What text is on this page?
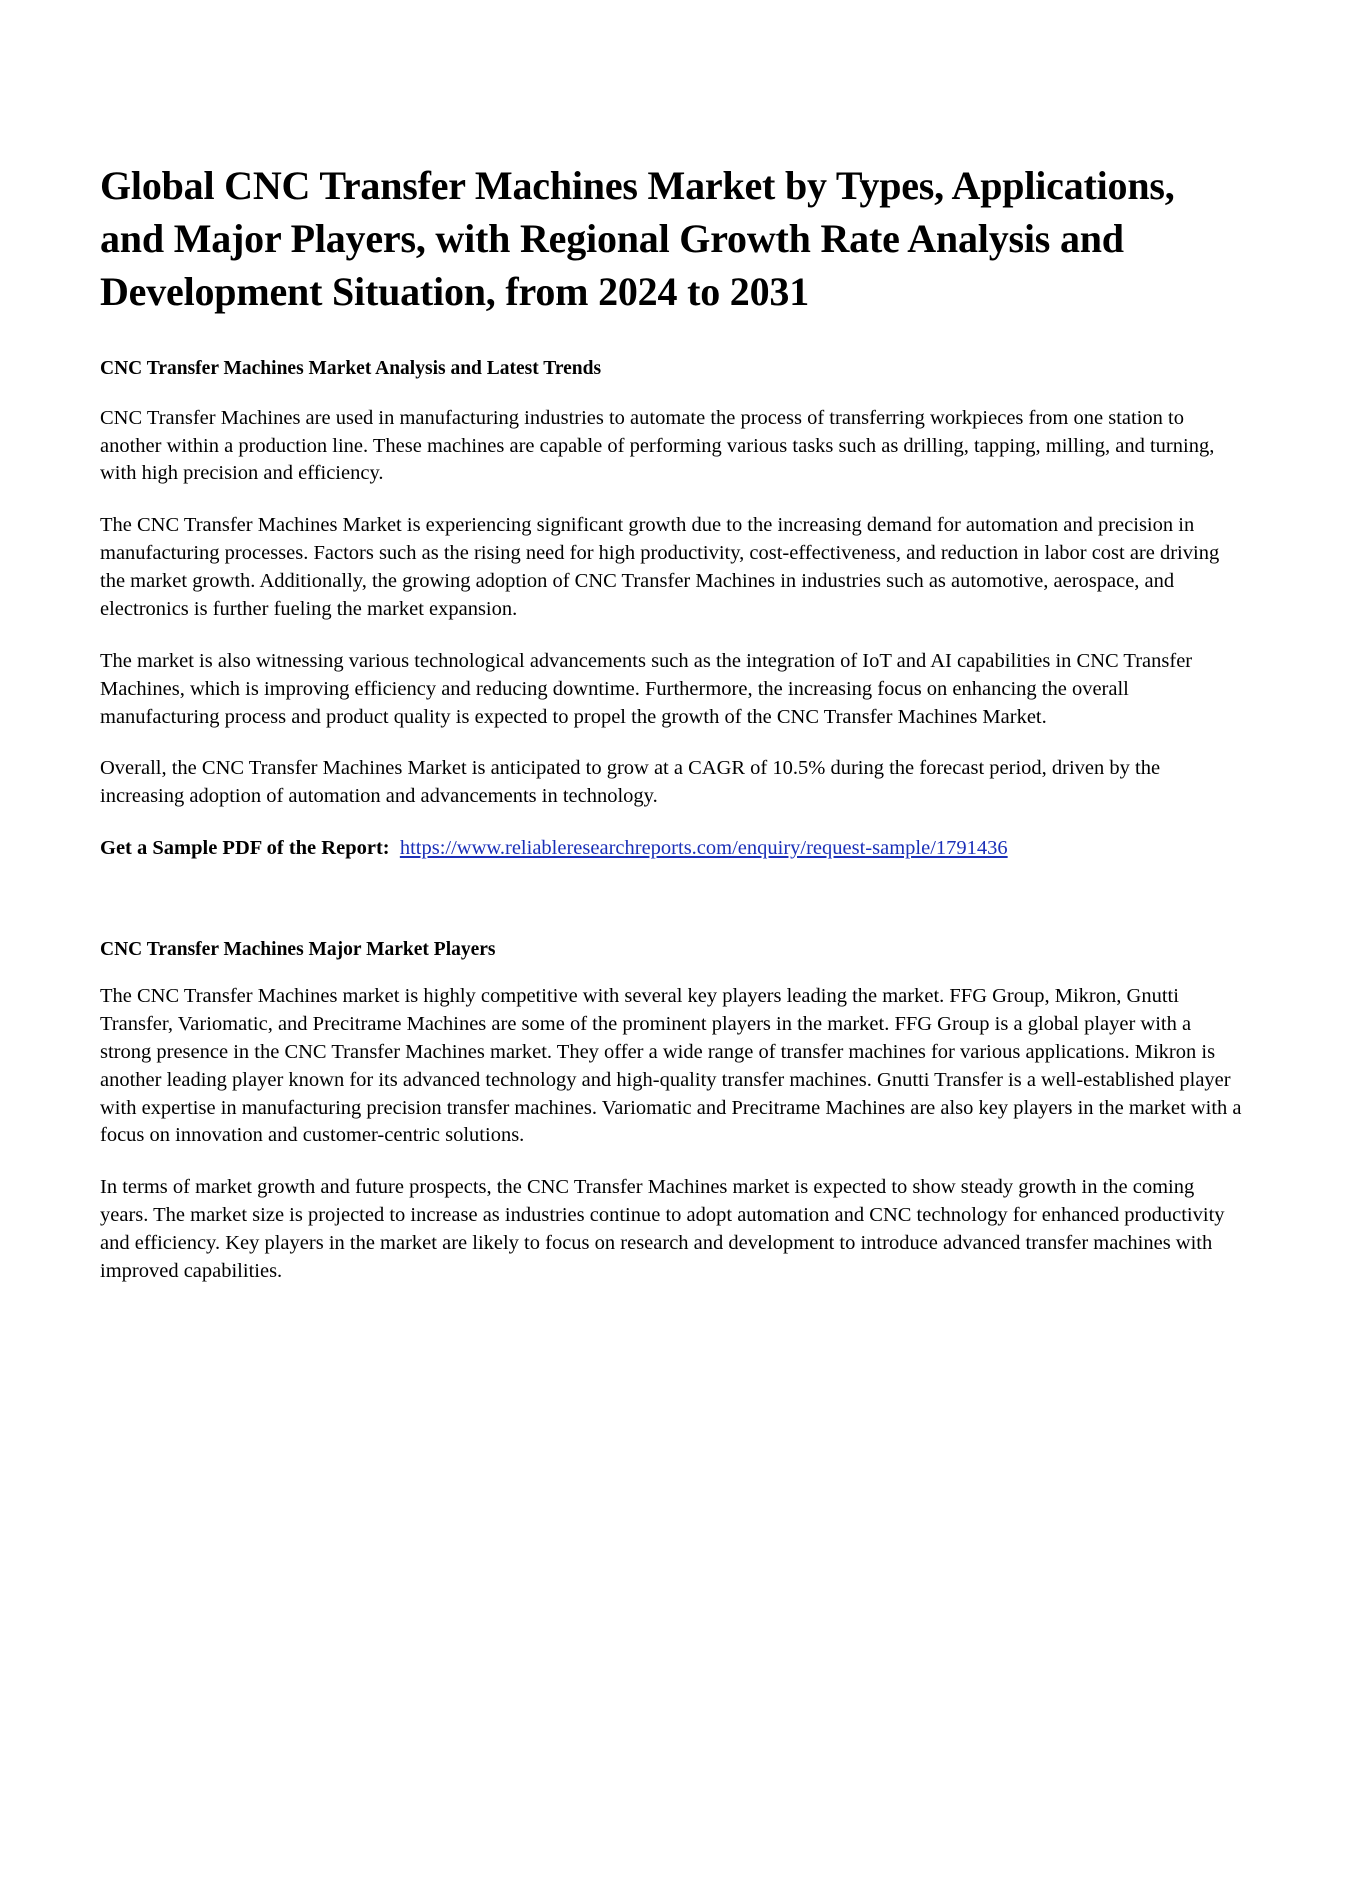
Global CNC Transfer Machines Market by Types, Applications, and Major Players, with Regional Growth Rate Analysis and Development Situation, from 2024 to 2031
CNC Transfer Machines Market Analysis and Latest Trends

CNC Transfer Machines are used in manufacturing industries to automate the process of transferring workpieces from one station to another within a production line. These machines are capable of performing various tasks such as drilling, tapping, milling, and turning, with high precision and efficiency.

The CNC Transfer Machines Market is experiencing significant growth due to the increasing demand for automation and precision in manufacturing processes. Factors such as the rising need for high productivity, cost-effectiveness, and reduction in labor cost are driving the market growth. Additionally, the growing adoption of CNC Transfer Machines in industries such as automotive, aerospace, and electronics is further fueling the market expansion.

The market is also witnessing various technological advancements such as the integration of IoT and AI capabilities in CNC Transfer Machines, which is improving efficiency and reducing downtime. Furthermore, the increasing focus on enhancing the overall manufacturing process and product quality is expected to propel the growth of the CNC Transfer Machines Market.

Overall, the CNC Transfer Machines Market is anticipated to grow at a CAGR of 10.5% during the forecast period, driven by the increasing adoption of automation and advancements in technology.

Get a Sample PDF of the Report: https://www.reliableresearchreports.com/enquiry/request-sample/1791436

CNC Transfer Machines Major Market Players

The CNC Transfer Machines market is highly competitive with several key players leading the market. FFG Group, Mikron, Gnutti Transfer, Variomatic, and Precitrame Machines are some of the prominent players in the market. FFG Group is a global player with a strong presence in the CNC Transfer Machines market. They offer a wide range of transfer machines for various applications. Mikron is another leading player known for its advanced technology and high-quality transfer machines. Gnutti Transfer is a well-established player with expertise in manufacturing precision transfer machines. Variomatic and Precitrame Machines are also key players in the market with a focus on innovation and customer-centric solutions.

In terms of market growth and future prospects, the CNC Transfer Machines market is expected to show steady growth in the coming years. The market size is projected to increase as industries continue to adopt automation and CNC technology for enhanced productivity and efficiency. Key players in the market are likely to focus on research and development to introduce advanced transfer machines with improved capabilities.
